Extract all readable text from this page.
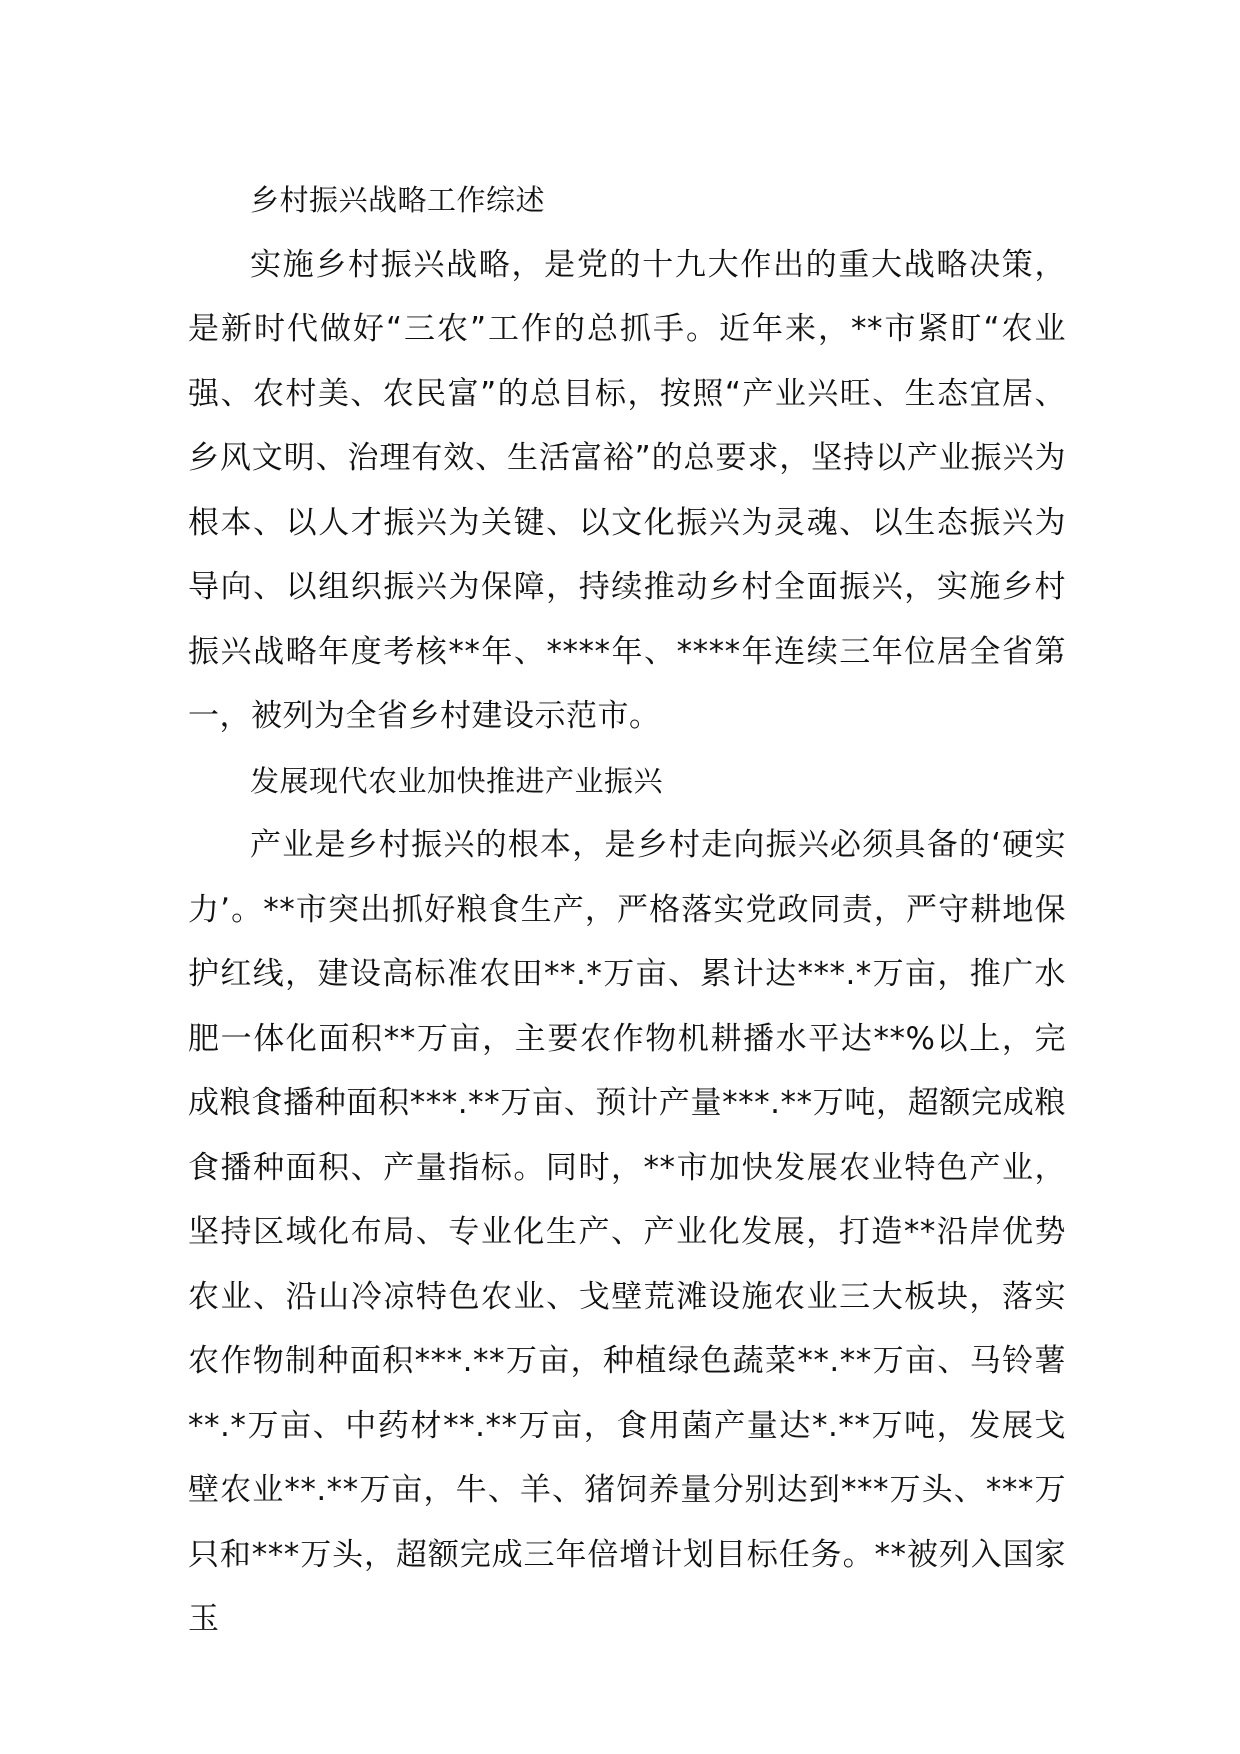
乡村振兴战略工作综述

实施乡村振兴战略，是党的十九大作出的重大战略决策，是新时代做好“三农”工作的总抓手。近年来，**市紧盯“农业强、农村美、农民富”的总目标，按照“产业兴旺、生态宜居、乡风文明、治理有效、生活富裕”的总要求，坚持以产业振兴为根本、以人才振兴为关键、以文化振兴为灵魂、以生态振兴为导向、以组织振兴为保障，持续推动乡村全面振兴，实施乡村振兴战略年度考核**年、****年、****年连续三年位居全省第一，被列为全省乡村建设示范市。

发展现代农业加快推进产业振兴

产业是乡村振兴的根本，是乡村走向振兴必须具备的‘硬实力’。**市突出抓好粮食生产，严格落实党政同责，严守耕地保护红线，建设高标准农田**.*万亩、累计达***.*万亩，推广水肥一体化面积**万亩，主要农作物机耕播水平达**%以上，完成粮食播种面积***.**万亩、预计产量***.**万吨，超额完成粮食播种面积、产量指标。同时，**市加快发展农业特色产业，坚持区域化布局、专业化生产、产业化发展，打造**沿岸优势农业、沿山冷凉特色农业、戈壁荒滩设施农业三大板块，落实农作物制种面积***.**万亩，种植绿色蔬菜**.**万亩、马铃薯**.*万亩、中药材**.**万亩，食用菌产量达*.**万吨，发展戈壁农业**.**万亩，牛、羊、猪饲养量分别达到***万头、***万只和***万头，超额完成三年倍增计划目标任务。**被列入国家玉
